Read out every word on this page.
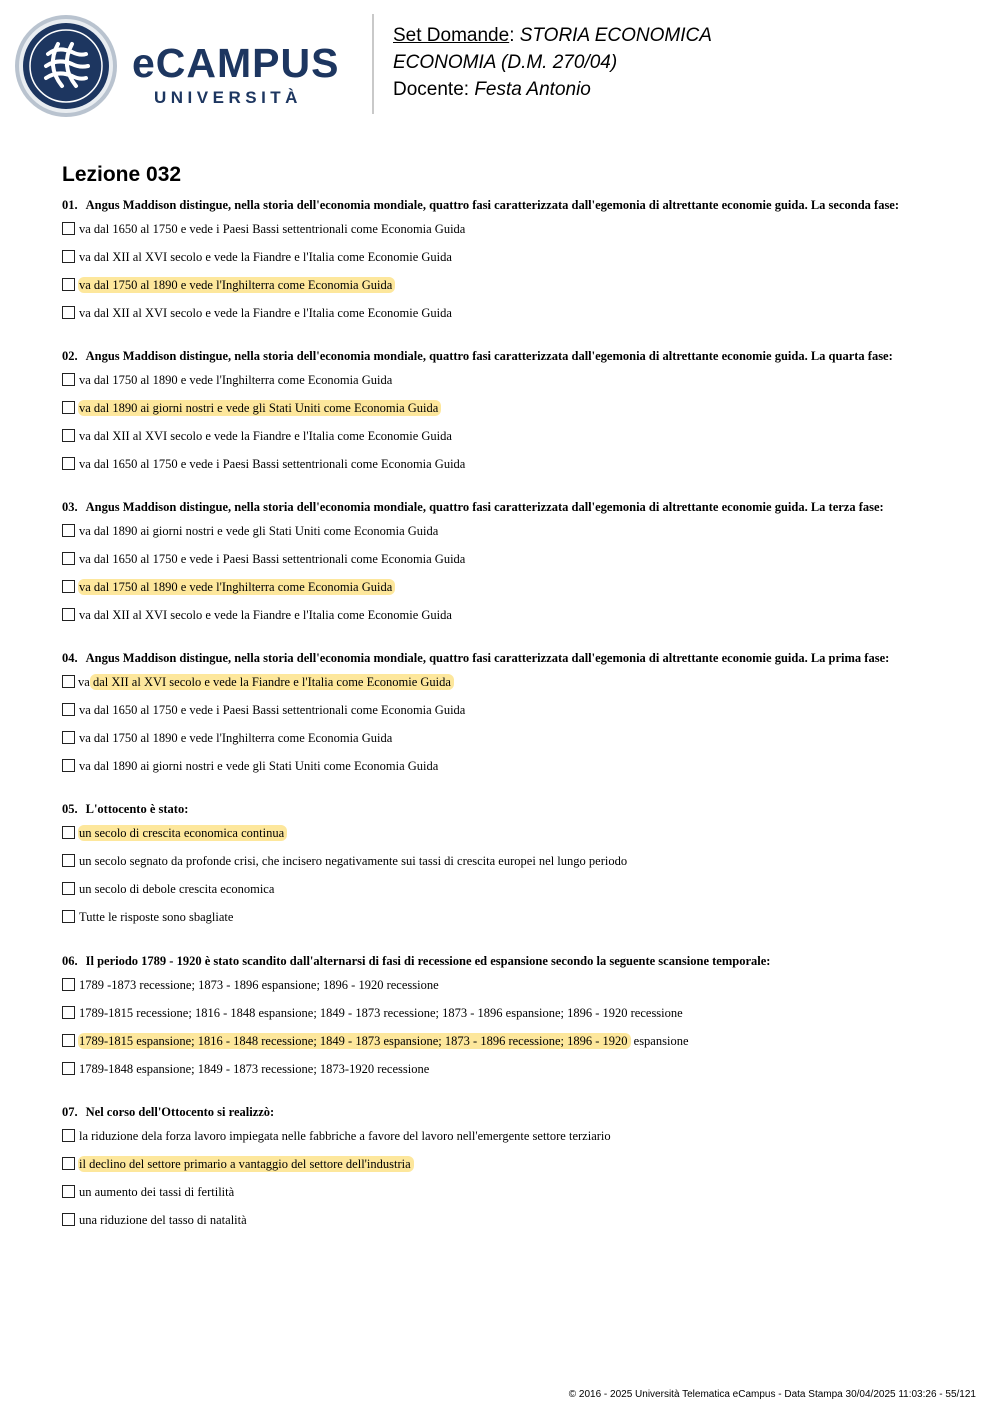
eCAMPUS
UNIVERSITÀ
Set Domande: STORIA ECONOMICA
ECONOMIA (D.M. 270/04)
Docente: Festa Antonio
Lezione 032
01. Angus Maddison distingue, nella storia dell'economia mondiale, quattro fasi caratterizzata dall'egemonia di altrettante economie guida. La seconda fase:
va dal 1650 al 1750 e vede i Paesi Bassi settentrionali come Economia Guida
va dal XII al XVI secolo e vede la Fiandre e l'Italia come Economie Guida
va dal 1750 al 1890 e vede l'Inghilterra come Economia Guida
va dal XII al XVI secolo e vede la Fiandre e l'Italia come Economie Guida
02. Angus Maddison distingue, nella storia dell'economia mondiale, quattro fasi caratterizzata dall'egemonia di altrettante economie guida. La quarta fase:
va dal 1750 al 1890 e vede l'Inghilterra come Economia Guida
va dal 1890 ai giorni nostri e vede gli Stati Uniti come Economia Guida
va dal XII al XVI secolo e vede la Fiandre e l'Italia come Economie Guida
va dal 1650 al 1750 e vede i Paesi Bassi settentrionali come Economia Guida
03. Angus Maddison distingue, nella storia dell'economia mondiale, quattro fasi caratterizzata dall'egemonia di altrettante economie guida. La terza fase:
va dal 1890 ai giorni nostri e vede gli Stati Uniti come Economia Guida
va dal 1650 al 1750 e vede i Paesi Bassi settentrionali come Economia Guida
va dal 1750 al 1890 e vede l'Inghilterra come Economia Guida
va dal XII al XVI secolo e vede la Fiandre e l'Italia come Economie Guida
04. Angus Maddison distingue, nella storia dell'economia mondiale, quattro fasi caratterizzata dall'egemonia di altrettante economie guida. La prima fase:
va dal XII al XVI secolo e vede la Fiandre e l'Italia come Economie Guida
va dal 1650 al 1750 e vede i Paesi Bassi settentrionali come Economia Guida
va dal 1750 al 1890 e vede l'Inghilterra come Economia Guida
va dal 1890 ai giorni nostri e vede gli Stati Uniti come Economia Guida
05. L'ottocento è stato:
un secolo di crescita economica continua
un secolo segnato da profonde crisi, che incisero negativamente sui tassi di crescita europei nel lungo periodo
un secolo di debole crescita economica
Tutte le risposte sono sbagliate
06. Il periodo 1789 - 1920 è stato scandito dall'alternarsi di fasi di recessione ed espansione secondo la seguente scansione temporale:
1789 -1873 recessione; 1873 - 1896 espansione; 1896 - 1920 recessione
1789-1815 recessione; 1816 - 1848 espansione; 1849 - 1873 recessione; 1873 - 1896 espansione; 1896 - 1920 recessione
1789-1815 espansione; 1816 - 1848 recessione; 1849 - 1873 espansione; 1873 - 1896 recessione; 1896 - 1920 espansione
1789-1848 espansione; 1849 - 1873 recessione; 1873-1920 recessione
07. Nel corso dell'Ottocento si realizzò:
la riduzione dela forza lavoro impiegata nelle fabbriche a favore del lavoro nell'emergente settore terziario
il declino del settore primario a vantaggio del settore dell'industria
un aumento dei tassi di fertilità
una riduzione del tasso di natalità
© 2016 - 2025 Università Telematica eCampus - Data Stampa 30/04/2025 11:03:26 - 55/121
